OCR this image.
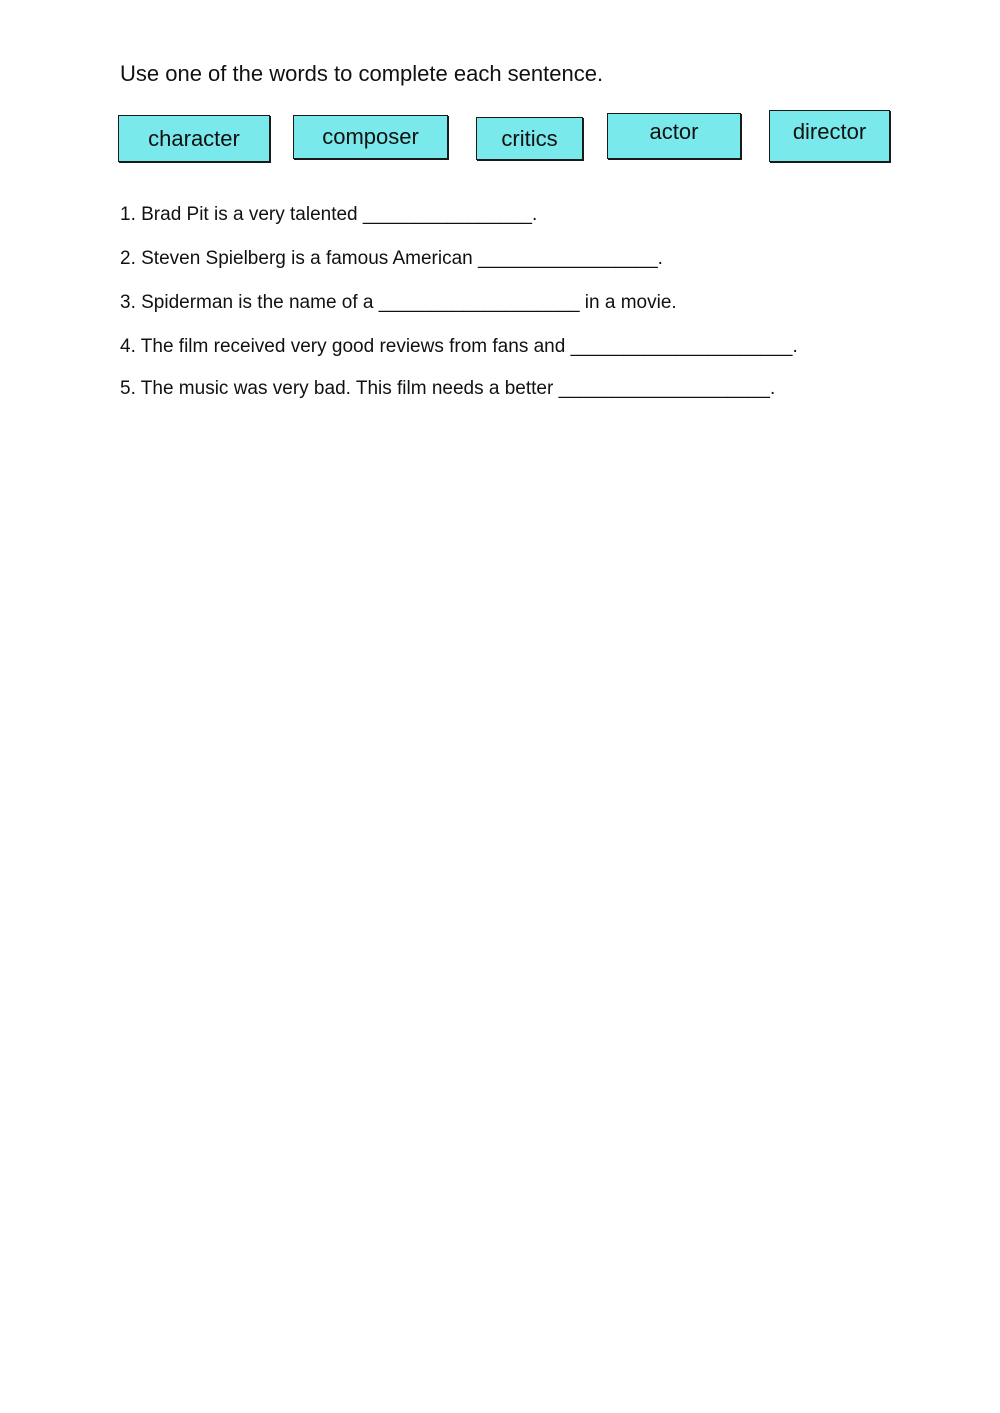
Use one of the words to complete each sentence.
character	composer	critics	actor	director
1. Brad Pit is a very talented ________________.
2. Steven Spielberg is a famous American _________________.
3. Spiderman is the name of a ___________________ in a movie.
4. The film received very good reviews from fans and _____________________.
5. The music was very bad. This film needs a better ____________________.
